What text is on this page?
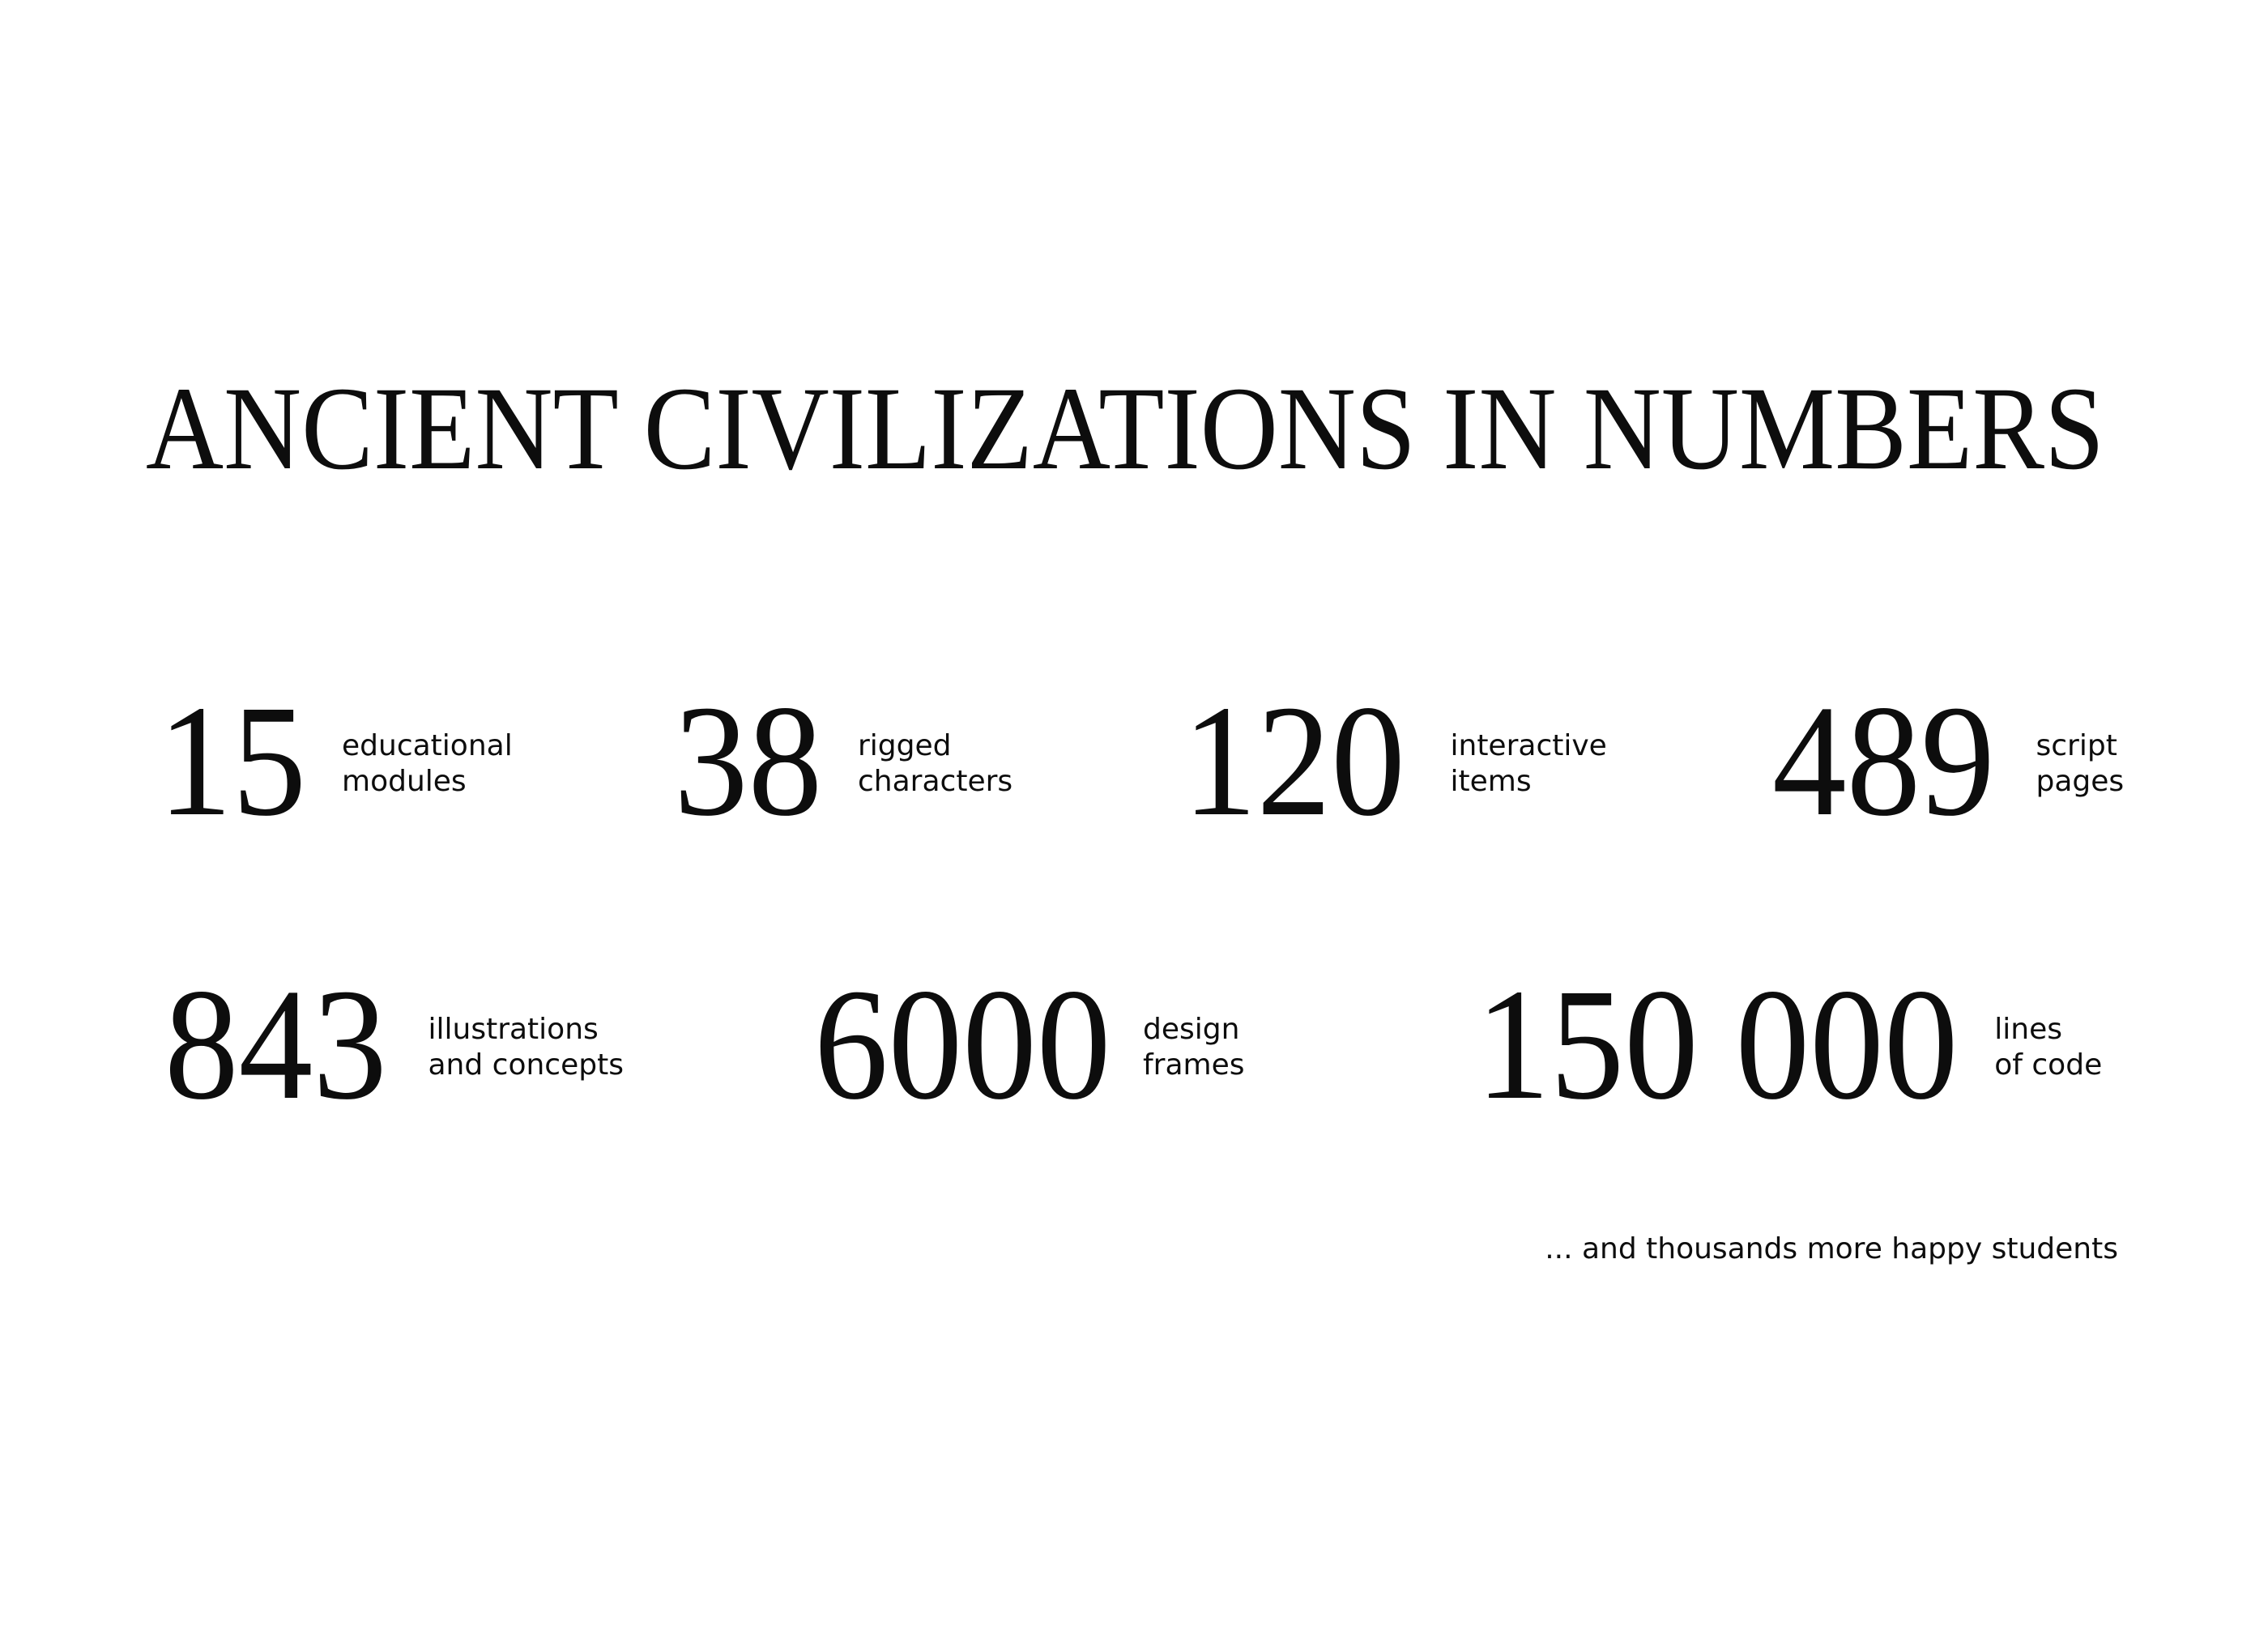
ANCIENT CIVILIZATIONS IN NUMBERS
15 educational
modules 38 rigged
characters 120 interactive
items	489 script
pages
843 illustrations
and concepts 6000 design
frames 150 000 lines
of code
... and thousands more happy students
